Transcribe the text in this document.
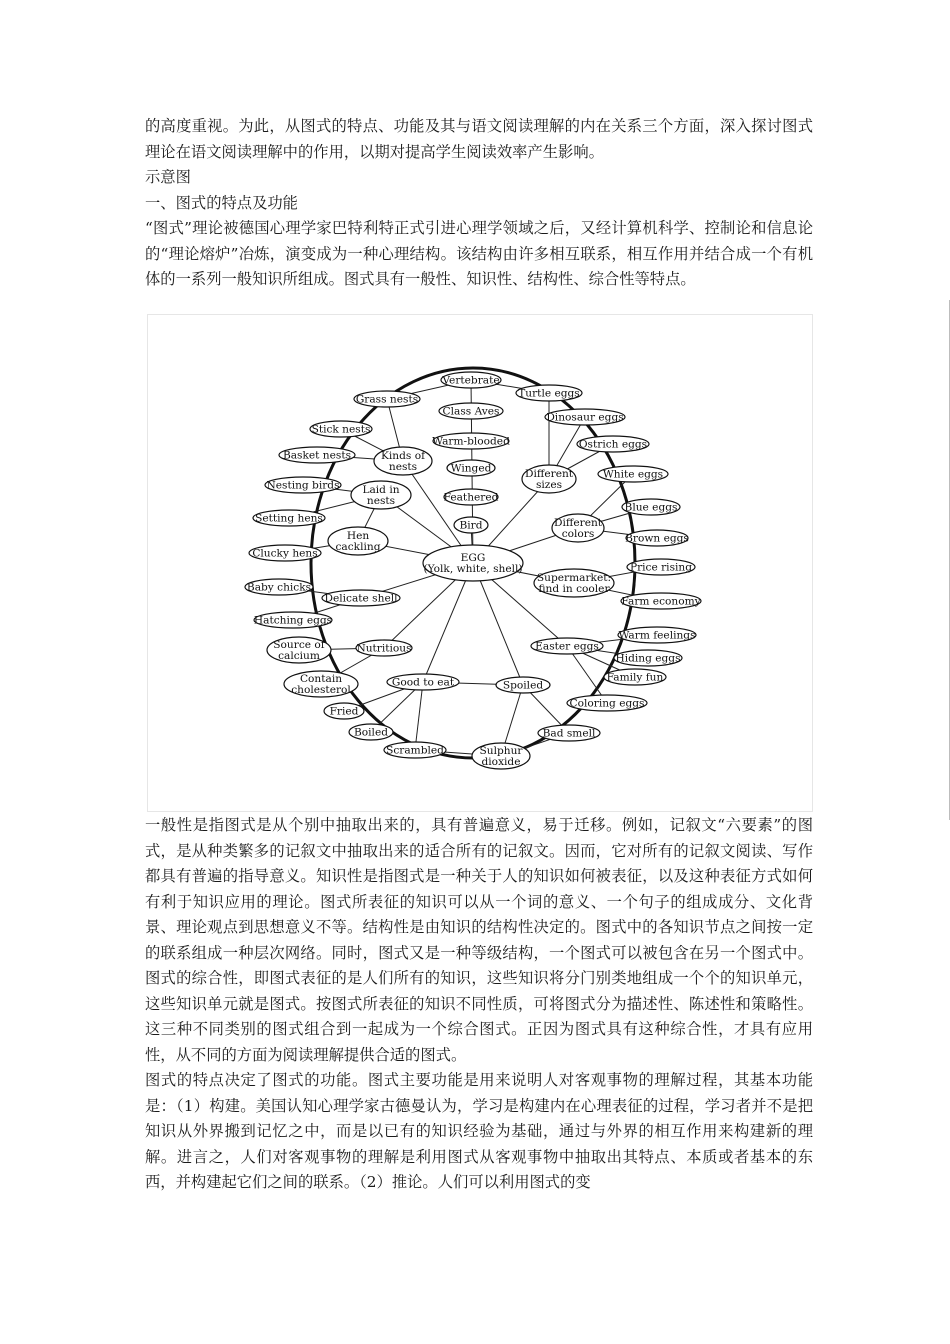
的高度重视。为此，从图式的特点、功能及其与语文阅读理解的内在关系三个方面，深入探讨图式理论在语文阅读理解中的作用，以期对提高学生阅读效率产生影响。

示意图

一、图式的特点及功能

“图式”理论被德国心理学家巴特利特正式引进心理学领域之后，又经计算机科学、控制论和信息论的“理论熔炉”冶炼，演变成为一种心理结构。该结构由许多相互联系，相互作用并结合成一个有机体的一系列一般知识所组成。图式具有一般性、知识性、结构性、综合性等特点。

EGG
(Yolk, white, shell)
Vertebrate
Class Aves
Warm-blooded
Winged
Feathered
Bird
Turtle eggs
Dinosaur eggs
Ostrich eggs
Different
sizes
White eggs
Blue eggs
Different
colors	Brown eggs
Price rising
Supermarket:
find in cooler
Farm economy
Warm feelings
Easter eggs
Hiding eggs
Family fun
Coloring eggs
Spoiled
Bad smell
Sulphur
dioxide
Good to eat
Scrambled
Boiled
Fried
Contain
cholesterol
Nutritious
Source of
calcium
Hatching eggs
Delicate shell
Baby chicks
Hen
cackling
Clucky hens
Setting hens
Laid in
nests
Nesting birds
Basket nests	Kinds of
nests
Stick nests
Grass nests

一般性是指图式是从个别中抽取出来的，具有普遍意义，易于迁移。例如，记叙文“六要素”的图式，是从种类繁多的记叙文中抽取出来的适合所有的记叙文。因而，它对所有的记叙文阅读、写作都具有普遍的指导意义。知识性是指图式是一种关于人的知识如何被表征，以及这种表征方式如何有利于知识应用的理论。图式所表征的知识可以从一个词的意义、一个句子的组成成分、文化背景、理论观点到思想意义不等。结构性是由知识的结构性决定的。图式中的各知识节点之间按一定的联系组成一种层次网络。同时，图式又是一种等级结构，一个图式可以被包含在另一个图式中。图式的综合性，即图式表征的是人们所有的知识，这些知识将分门别类地组成一个个的知识单元，这些知识单元就是图式。按图式所表征的知识不同性质，可将图式分为描述性、陈述性和策略性。这三种不同类别的图式组合到一起成为一个综合图式。正因为图式具有这种综合性，才具有应用性，从不同的方面为阅读理解提供合适的图式。

图式的特点决定了图式的功能。图式主要功能是用来说明人对客观事物的理解过程，其基本功能是：（1）构建。美国认知心理学家古德曼认为，学习是构建内在心理表征的过程，学习者并不是把知识从外界搬到记忆之中，而是以已有的知识经验为基础，通过与外界的相互作用来构建新的理解。进言之，人们对客观事物的理解是利用图式从客观事物中抽取出其特点、本质或者基本的东西，并构建起它们之间的联系。（2）推论。人们可以利用图式的变
